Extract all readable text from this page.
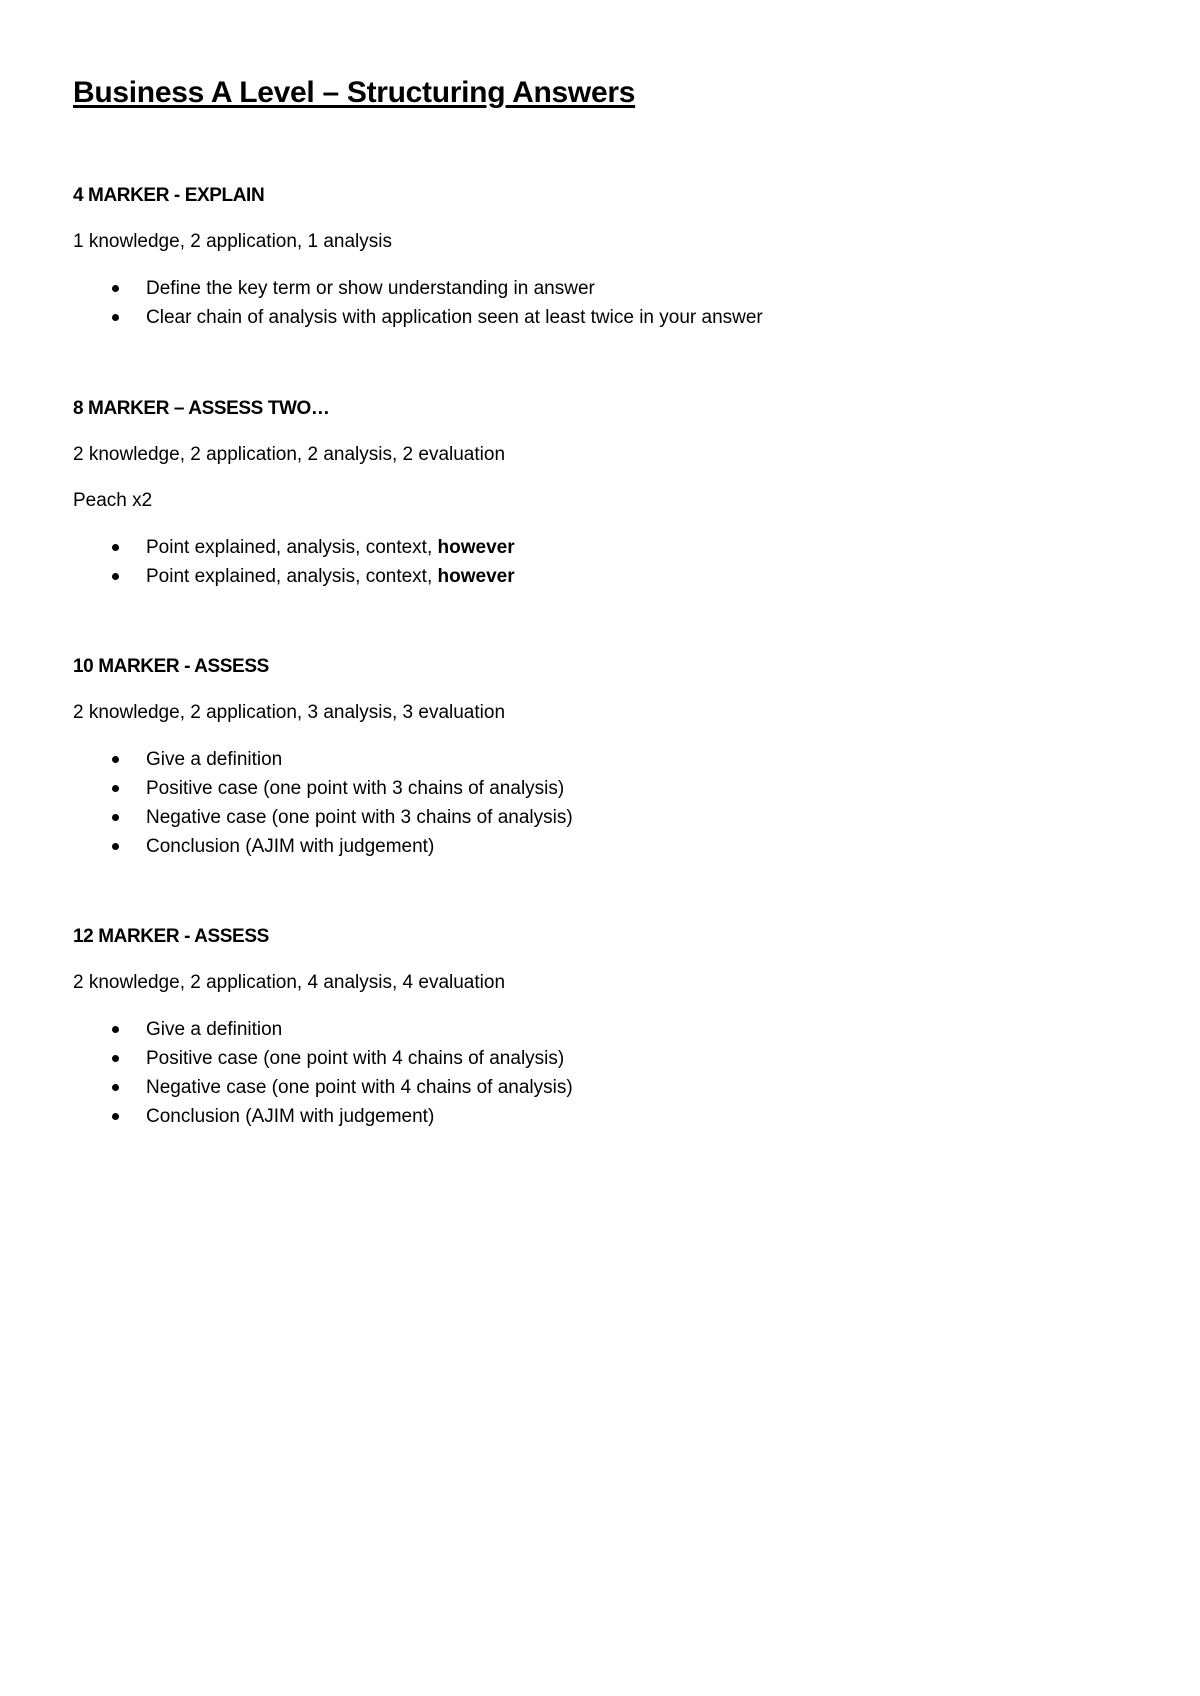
Business A Level – Structuring Answers

4 MARKER - EXPLAIN

1 knowledge, 2 application, 1 analysis

Define the key term or show understanding in answer
Clear chain of analysis with application seen at least twice in your answer

8 MARKER – ASSESS TWO…

2 knowledge, 2 application, 2 analysis, 2 evaluation

Peach x2

Point explained, analysis, context, however
Point explained, analysis, context, however

10 MARKER - ASSESS

2 knowledge, 2 application, 3 analysis, 3 evaluation

Give a definition
Positive case (one point with 3 chains of analysis)
Negative case (one point with 3 chains of analysis)
Conclusion (AJIM with judgement)

12 MARKER - ASSESS

2 knowledge, 2 application, 4 analysis, 4 evaluation

Give a definition
Positive case (one point with 4 chains of analysis)
Negative case (one point with 4 chains of analysis)
Conclusion (AJIM with judgement)
